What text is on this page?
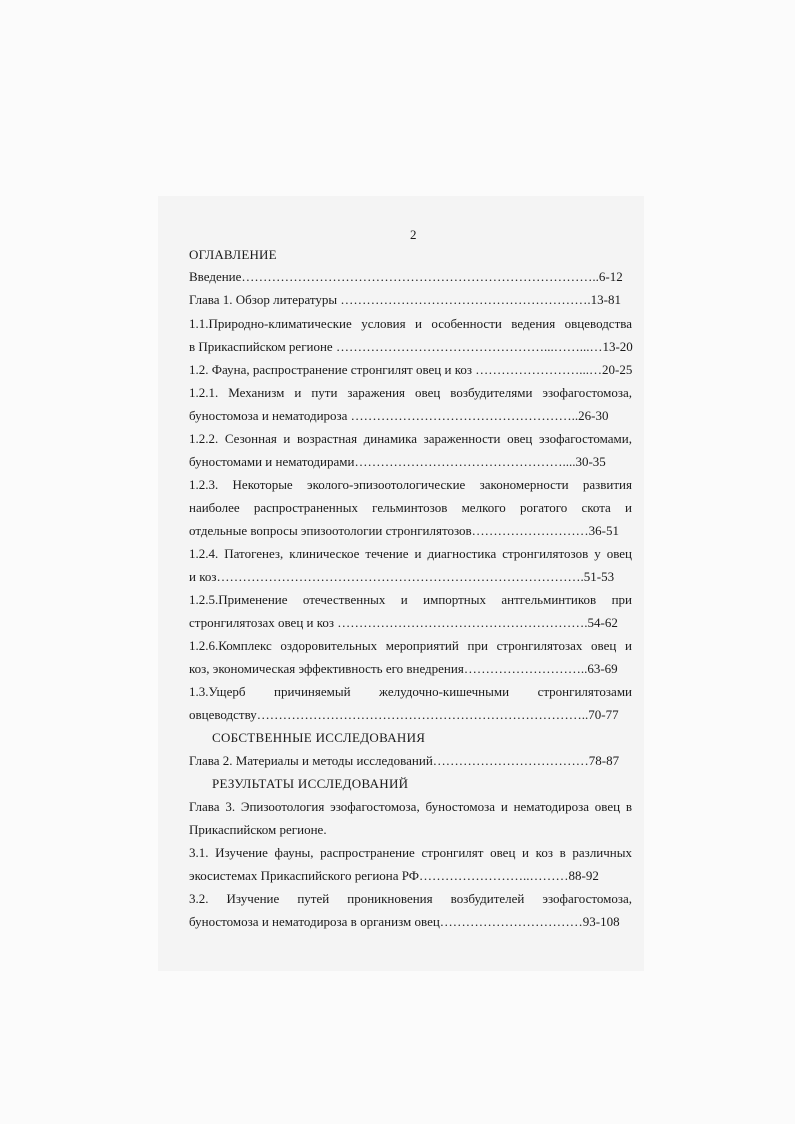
2
ОГЛАВЛЕНИЕ
Введение………………………………………………………………………..6-12
Глава 1. Обзор литературы ………………………………………………….13-81
1.1.Природно-климатические условия и особенности ведения овцеводства
в Прикаспийском регионе …………………………………………...……...…13-20
1.2. Фауна, распространение стронгилят овец и коз ……………………...…20-25
1.2.1. Механизм и пути заражения овец возбудителями эзофагостомоза,
буностомоза и нематодироза ……………………………………………..26-30
1.2.2. Сезонная и возрастная динамика зараженности овец эзофагостомами,
буностомами и нематодирами…………………………………………....30-35
1.2.3. Некоторые эколого-эпизоотологические закономерности развития
наиболее распространенных гельминтозов мелкого рогатого скота и
отдельные вопросы эпизоотологии стронгилятозов………………………36-51
1.2.4. Патогенез, клиническое течение и диагностика стронгилятозов у овец
и коз………………………………………………………………………….51-53
1.2.5.Применение отечественных и импортных антгельминтиков при
стронгилятозах овец и коз ………………………………………………….54-62
1.2.6.Комплекс оздоровительных мероприятий при стронгилятозах овец и
коз, экономическая эффективность его внедрения………………………..63-69
1.3.Ущерб причиняемый желудочно-кишечными стронгилятозами
овцеводству…………………………………………………………………..70-77
СОБСТВЕННЫЕ ИССЛЕДОВАНИЯ
Глава 2. Материалы и методы исследований………………………………78-87
РЕЗУЛЬТАТЫ ИССЛЕДОВАНИЙ
Глава 3. Эпизоотология эзофагостомоза, буностомоза и нематодироза овец в
Прикаспийском регионе.
3.1. Изучение фауны, распространение стронгилят овец и коз в различных
экосистемах Прикаспийского региона РФ……………………..………88-92
3.2. Изучение путей проникновения возбудителей эзофагостомоза,
буностомоза и нематодироза в организм овец……………………………93-108
